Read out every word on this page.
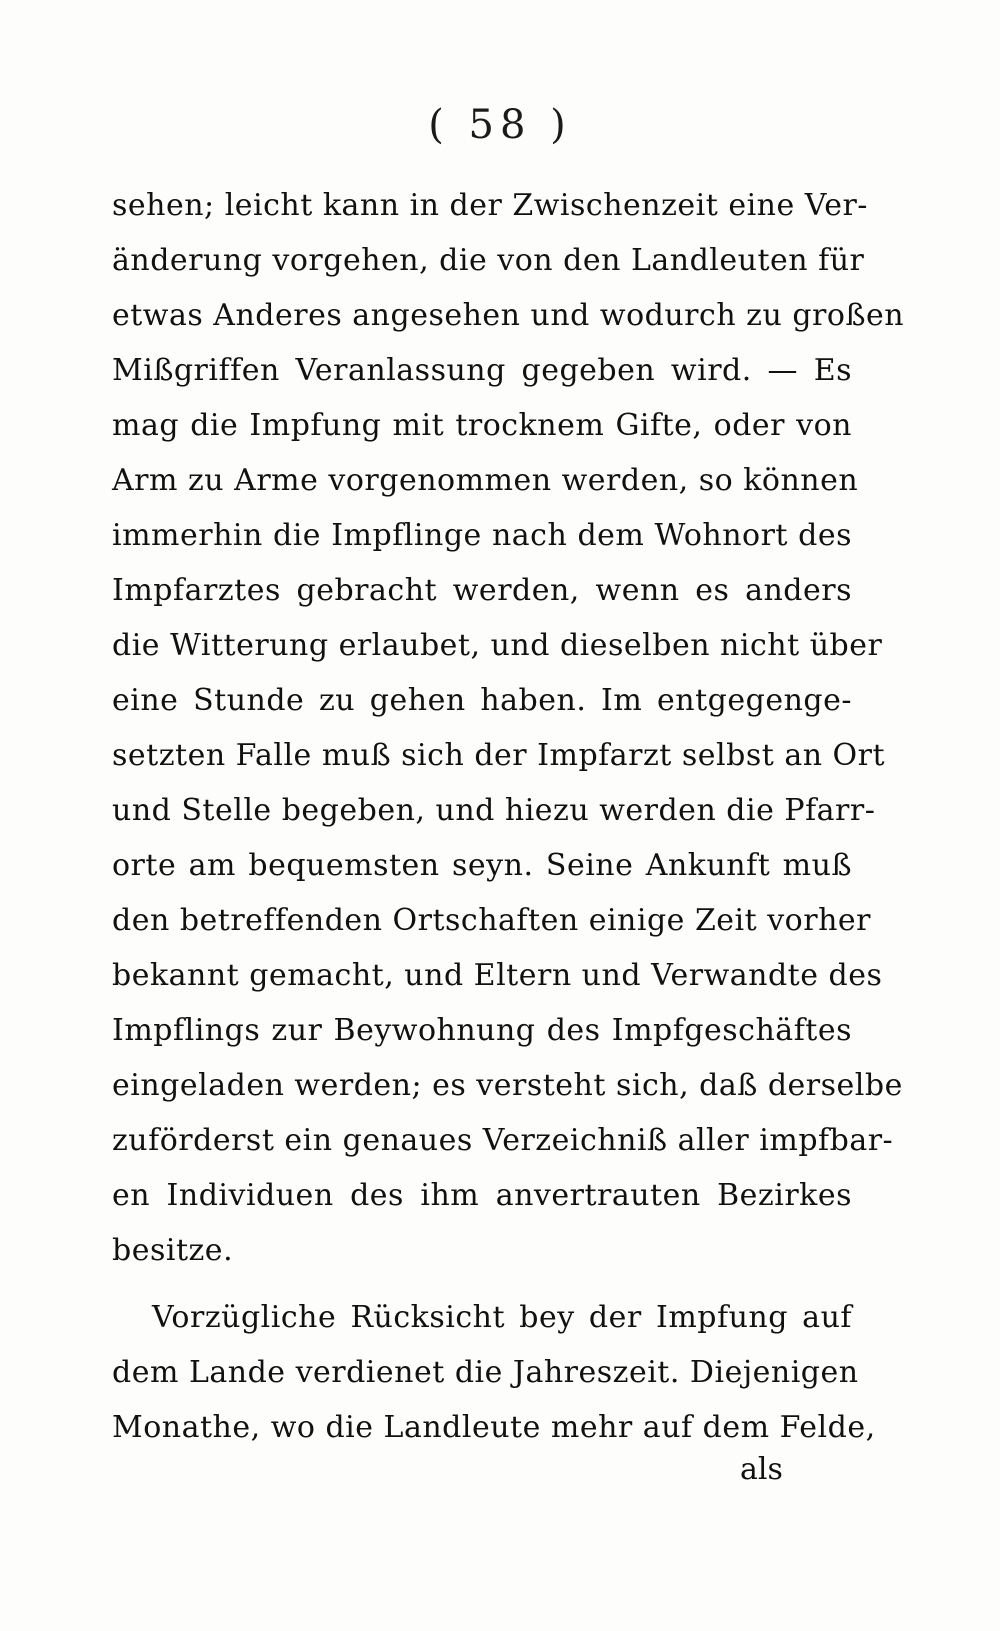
( 58 )
sehen; leicht kann in der Zwischenzeit eine Ver-
änderung vorgehen, die von den Landleuten für
etwas Anderes angesehen und wodurch zu großen
Mißgriffen Veranlassung gegeben wird. — Es
mag die Impfung mit trocknem Gifte, oder von
Arm zu Arme vorgenommen werden, so können
immerhin die Impflinge nach dem Wohnort des
Impfarztes gebracht werden, wenn es anders
die Witterung erlaubet, und dieselben nicht über
eine Stunde zu gehen haben. Im entgegenge-
setzten Falle muß sich der Impfarzt selbst an Ort
und Stelle begeben, und hiezu werden die Pfarr-
orte am bequemsten seyn. Seine Ankunft muß
den betreffenden Ortschaften einige Zeit vorher
bekannt gemacht, und Eltern und Verwandte des
Impflings zur Beywohnung des Impfgeschäftes
eingeladen werden; es versteht sich, daß derselbe
zuförderst ein genaues Verzeichniß aller impfbar-
en Individuen des ihm anvertrauten Bezirkes
besitze.
Vorzügliche Rücksicht bey der Impfung auf
dem Lande verdienet die Jahreszeit. Diejenigen
Monathe, wo die Landleute mehr auf dem Felde,
als
